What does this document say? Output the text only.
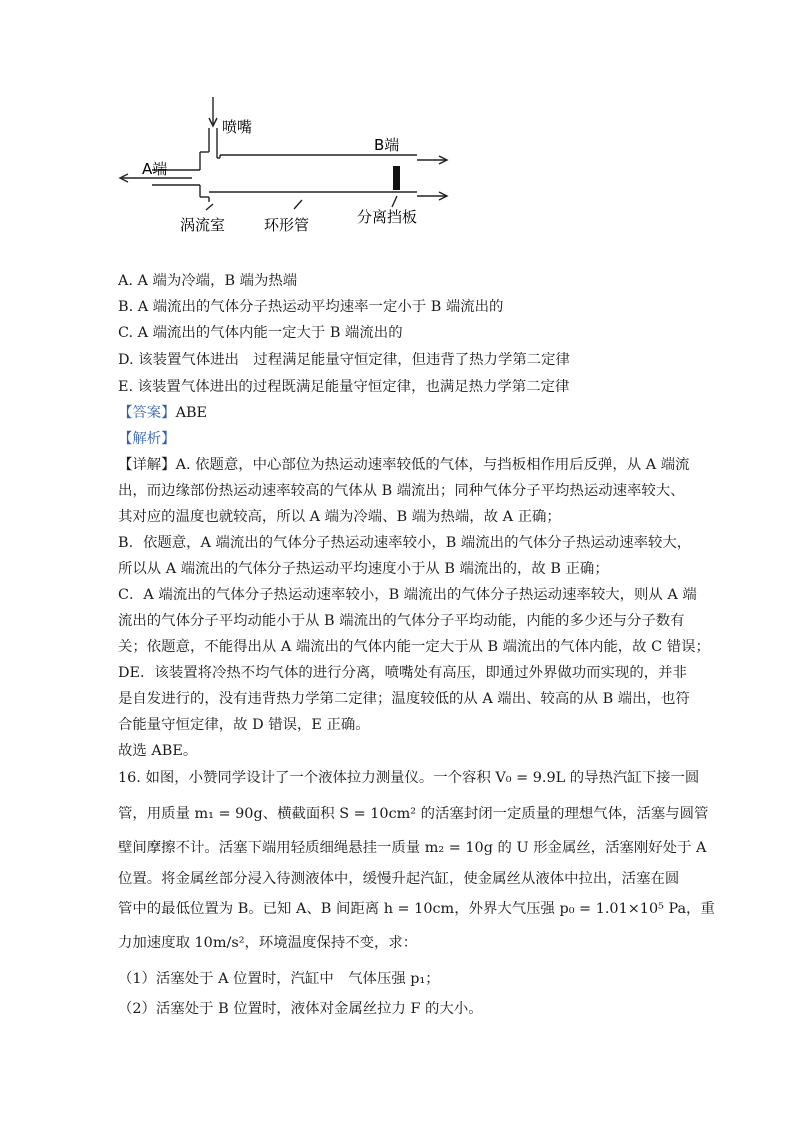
喷嘴
A端
B端
涡流室	环形管	分离挡板
A. A 端为冷端，B 端为热端
B. A 端流出的气体分子热运动平均速率一定小于 B 端流出的
C. A 端流出的气体内能一定大于 B 端流出的
D. 该装置气体进出　过程满足能量守恒定律，但违背了热力学第二定律
E. 该装置气体进出的过程既满足能量守恒定律，也满足热力学第二定律
【答案】ABE
【解析】
【详解】A. 依题意，中心部位为热运动速率较低的气体，与挡板相作用后反弹，从 A 端流
出，而边缘部份热运动速率较高的气体从 B 端流出；同种气体分子平均热运动速率较大、
其对应的温度也就较高，所以 A 端为冷端、B 端为热端，故 A 正确；
B．依题意，A 端流出的气体分子热运动速率较小，B 端流出的气体分子热运动速率较大，
所以从 A 端流出的气体分子热运动平均速度小于从 B 端流出的，故 B 正确；
C．A 端流出的气体分子热运动速率较小，B 端流出的气体分子热运动速率较大，则从 A 端
流出的气体分子平均动能小于从 B 端流出的气体分子平均动能，内能的多少还与分子数有
关；依题意，不能得出从 A 端流出的气体内能一定大于从 B 端流出的气体内能，故 C 错误；
DE．该装置将冷热不均气体的进行分离，喷嘴处有高压，即通过外界做功而实现的，并非
是自发进行的，没有违背热力学第二定律；温度较低的从 A 端出、较高的从 B 端出，也符
合能量守恒定律，故 D 错误，E 正确。
故选 ABE。
16. 如图，小赞同学设计了一个液体拉力测量仪。一个容积 V₀ = 9.9L 的导热汽缸下接一圆
管，用质量 m₁ = 90g、横截面积 S = 10cm² 的活塞封闭一定质量的理想气体，活塞与圆管
壁间摩擦不计。活塞下端用轻质细绳悬挂一质量 m₂ = 10g 的 U 形金属丝，活塞刚好处于 A
位置。将金属丝部分浸入待测液体中，缓慢升起汽缸，使金属丝从液体中拉出，活塞在圆
管中的最低位置为 B。已知 A、B 间距离 h = 10cm，外界大气压强 p₀ = 1.01×10⁵ Pa，重
力加速度取 10m/s²，环境温度保持不变，求：
（1）活塞处于 A 位置时，汽缸中　气体压强 p₁；
（2）活塞处于 B 位置时，液体对金属丝拉力 F 的大小。
